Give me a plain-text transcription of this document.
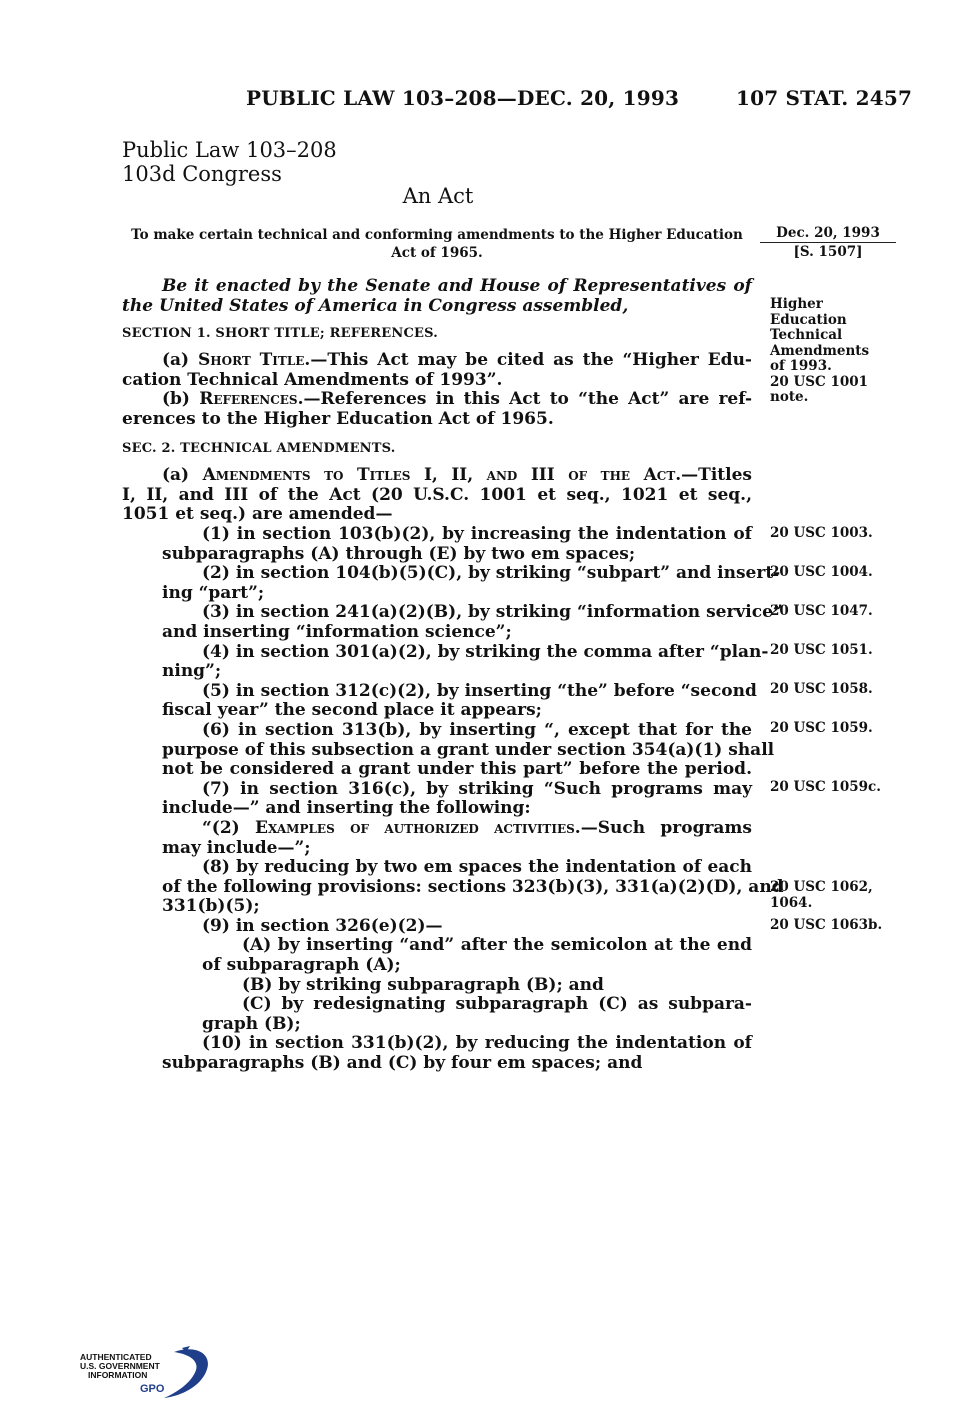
PUBLIC LAW 103–208—DEC. 20, 1993	107 STAT. 2457
Public Law 103–208
103d Congress
An Act
To make certain technical and conforming amendments to the Higher Education
Act of 1965.
Dec. 20, 1993
[S. 1507]
Be it enacted by the Senate and House of Representatives of
the United States of America in Congress assembled,	Higher
Education
Technical
Amendments
of 1993.
20 USC 1001
note.
SECTION 1. SHORT TITLE; REFERENCES.
(a) Short Title.—This Act may be cited as the “Higher Edu-
cation Technical Amendments of 1993”.
(b) References.—References in this Act to “the Act” are ref-
erences to the Higher Education Act of 1965.
SEC. 2. TECHNICAL AMENDMENTS.
(a) Amendments to Titles I, II, and III of the Act.—Titles
I, II, and III of the Act (20 U.S.C. 1001 et seq., 1021 et seq.,
1051 et seq.) are amended—
(1) in section 103(b)(2), by increasing the indentation of
subparagraphs (A) through (E) by two em spaces;
(2) in section 104(b)(5)(C), by striking “subpart” and insert-
ing “part”;
(3) in section 241(a)(2)(B), by striking “information service”
and inserting “information science”;
(4) in section 301(a)(2), by striking the comma after “plan-
ning”;
(5) in section 312(c)(2), by inserting “the” before “second
fiscal year” the second place it appears;
(6) in section 313(b), by inserting “, except that for the
purpose of this subsection a grant under section 354(a)(1) shall
not be considered a grant under this part” before the period.
(7) in section 316(c), by striking “Such programs may
include—” and inserting the following:
“(2) Examples of authorized activities.—Such programs
may include—”;
(8) by reducing by two em spaces the indentation of each
of the following provisions: sections 323(b)(3), 331(a)(2)(D), and
331(b)(5);
(9) in section 326(e)(2)—
(A) by inserting “and” after the semicolon at the end
of subparagraph (A);
(B) by striking subparagraph (B); and
(C) by redesignating subparagraph (C) as subpara-
graph (B);
(10) in section 331(b)(2), by reducing the indentation of
subparagraphs (B) and (C) by four em spaces; and
20 USC 1003.
20 USC 1004.
20 USC 1047.
20 USC 1051.
20 USC 1058.
20 USC 1059.
20 USC 1059c.
20 USC 1062,
1064.
20 USC 1063b.
AUTHENTICATED
U.S. GOVERNMENT
INFORMATION
GPO
